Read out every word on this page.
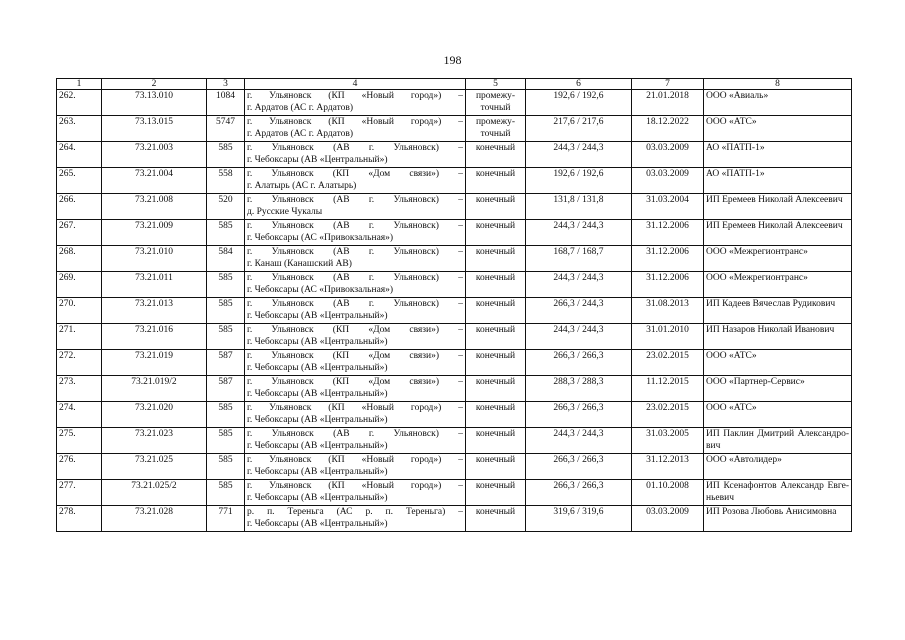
198
1	2	3	4	5	6	7	8
262.	73.13.010	1084	г. Ульяновск (КП «Новый город») –
г. Ардатов (АС г. Ардатов)	промежу-
точный	192,6 / 192,6	21.01.2018	ООО «Авиаль»

263.	73.13.015	5747	г. Ульяновск (КП «Новый город») –
г. Ардатов (АС г. Ардатов)	промежу-
точный	217,6 / 217,6	18.12.2022	ООО «АТС»

264.	73.21.003	585	г. Ульяновск (АВ г. Ульяновск) –
г. Чебоксары (АВ «Центральный»)	конечный	244,3 / 244,3	03.03.2009	АО «ПАТП-1»

265.	73.21.004	558	г. Ульяновск (КП «Дом связи») –
г. Алатырь (АС г. Алатырь)	конечный	192,6 / 192,6	03.03.2009	АО «ПАТП-1»

266.	73.21.008	520	г. Ульяновск (АВ г. Ульяновск) –
д. Русские Чукалы	конечный	131,8 / 131,8	31.03.2004	ИП Еремеев Николай Алексеевич

267.	73.21.009	585	г. Ульяновск (АВ г. Ульяновск) –
г. Чебоксары (АС «Привокзальная»)	конечный	244,3 / 244,3	31.12.2006	ИП Еремеев Николай Алексеевич

268.	73.21.010	584	г. Ульяновск (АВ г. Ульяновск) –
г. Канаш (Канашский АВ)	конечный	168,7 / 168,7	31.12.2006	ООО «Межрегионтранс»

269.	73.21.011	585	г. Ульяновск (АВ г. Ульяновск) –
г. Чебоксары (АС «Привокзальная»)	конечный	244,3 / 244,3	31.12.2006	ООО «Межрегионтранс»

270.	73.21.013	585	г. Ульяновск (АВ г. Ульяновск) –
г. Чебоксары (АВ «Центральный»)	конечный	266,3 / 244,3	31.08.2013	ИП Кадеев Вячеслав Рудикович

271.	73.21.016	585	г. Ульяновск (КП «Дом связи») –
г. Чебоксары (АВ «Центральный»)	конечный	244,3 / 244,3	31.01.2010	ИП Назаров Николай Иванович

272.	73.21.019	587	г. Ульяновск (КП «Дом связи») –
г. Чебоксары (АВ «Центральный»)	конечный	266,3 / 266,3	23.02.2015	ООО «АТС»

273.	73.21.019/2	587	г. Ульяновск (КП «Дом связи») –
г. Чебоксары (АВ «Центральный»)	конечный	288,3 / 288,3	11.12.2015	ООО «Партнер-Сервис»

274.	73.21.020	585	г. Ульяновск (КП «Новый город») –
г. Чебоксары (АВ «Центральный»)	конечный	266,3 / 266,3	23.02.2015	ООО «АТС»

275.	73.21.023	585	г. Ульяновск (АВ г. Ульяновск) –
г. Чебоксары (АВ «Центральный»)	конечный	244,3 / 244,3	31.03.2005	ИП Паклин Дмитрий Александро-
вич

276.	73.21.025	585	г. Ульяновск (КП «Новый город») –
г. Чебоксары (АВ «Центральный»)	конечный	266,3 / 266,3	31.12.2013	ООО «Автолидер»

277.	73.21.025/2	585	г. Ульяновск (КП «Новый город») –
г. Чебоксары (АВ «Центральный»)	конечный	266,3 / 266,3	01.10.2008	ИП Ксенафонтов Александр Евге-
ньевич

278.	73.21.028	771	р. п. Тереньга (АС р. п. Тереньга) –
г. Чебоксары (АВ «Центральный»)	конечный	319,6 / 319,6	03.03.2009	ИП Розова Любовь Анисимовна
